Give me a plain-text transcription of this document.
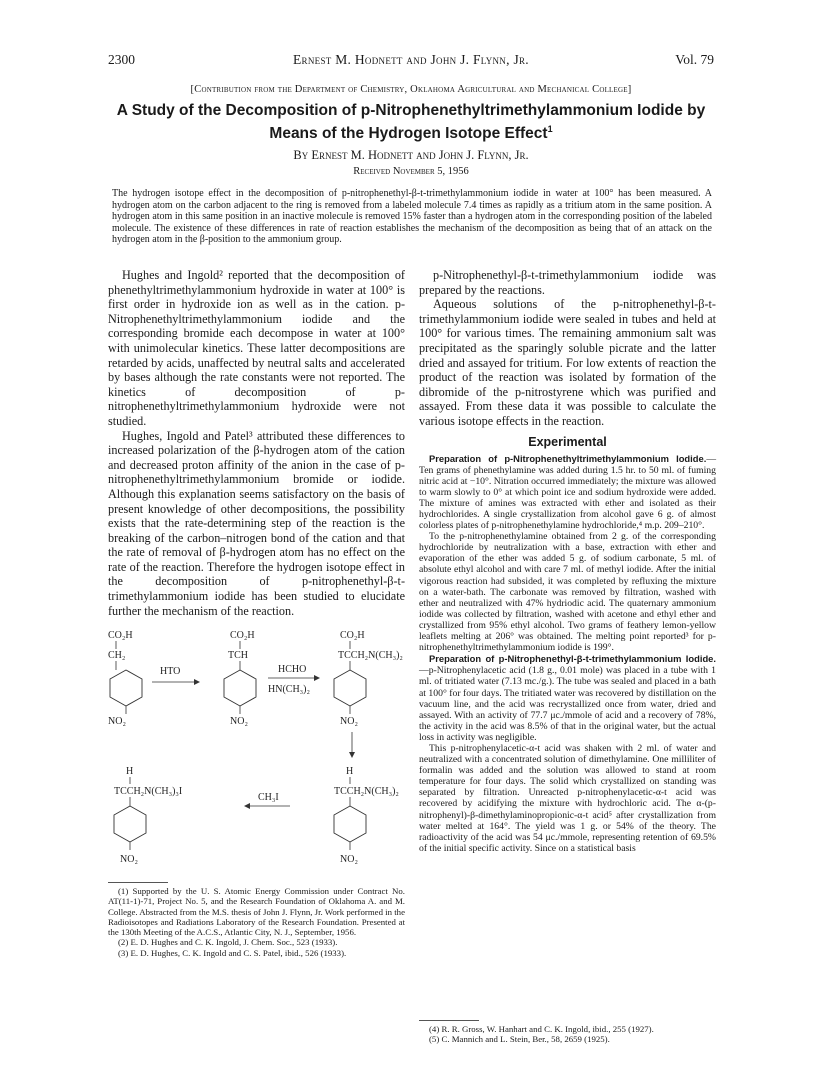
2300	Ernest M. Hodnett and John J. Flynn, Jr.	Vol. 79
[Contribution from the Department of Chemistry, Oklahoma Agricultural and Mechanical College]
A Study of the Decomposition of p-Nitrophenethyltrimethylammonium Iodide by
Means of the Hydrogen Isotope Effect$^1$
By Ernest M. Hodnett and John J. Flynn, Jr.
Received November 5, 1956
The hydrogen isotope effect in the decomposition of p-nitrophenethyl-β-t-trimethylammonium iodide in water at 100° has been measured. A hydrogen atom on the carbon adjacent to the ring is removed from a labeled molecule 7.4 times as rapidly as a tritium atom in the same position. A hydrogen atom in this same position in an inactive molecule is removed 15% faster than a hydrogen atom in the corresponding position of the labeled molecule. The existence of these differences in rate of reaction establishes the mechanism of the decomposition as being that of an attack on the hydrogen atom in the β-position to the ammonium group.

Hughes and Ingold² reported that the decomposition of phenethyltrimethylammonium hydroxide in water at 100° is first order in hydroxide ion as well as in the cation. p-Nitrophenethyltrimethylammonium iodide and the corresponding bromide each decompose in water at 100° with unimolecular kinetics. These latter decompositions are retarded by acids, unaffected by neutral salts and accelerated by bases although the rate constants were not reported. The kinetics of decomposition of p-nitrophenethyltrimethylammonium hydroxide were not studied.

Hughes, Ingold and Patel³ attributed these differences to increased polarization of the β-hydrogen atom of the cation and decreased proton affinity of the anion in the case of p-nitrophenethyltrimethylammonium bromide or iodide. Although this explanation seems satisfactory on the basis of present knowledge of other decompositions, the possibility exists that the rate-determining step of the reaction is the breaking of the carbon–nitrogen bond of the cation and that the rate of removal of β-hydrogen atom has no effect on the rate of the reaction. Therefore the hydrogen isotope effect in the decomposition of p-nitrophenethyl-β-t-trimethylammonium iodide has been studied to elucidate further the mechanism of the reaction.

CO₂H
CH₂
NO₂
HTO
CO₂H
TCH
NO₂
HCHO
HN(CH₃)₂
CO₂H
TCCH₂N(CH₃)₂
NO₂
H
TCCH₂N(CH₃)₃I
NO₂
CH₃I
H
TCCH₂N(CH₃)₂
NO₂

(1) Supported by the U. S. Atomic Energy Commission under Contract No. AT(11-1)-71, Project No. 5, and the Research Foundation of Oklahoma A. and M. College. Abstracted from the M.S. thesis of John J. Flynn, Jr. Work performed in the Radioisotopes and Radiations Laboratory of the Research Foundation. Presented at the 130th Meeting of the A.C.S., Atlantic City, N. J., September, 1956.

(2) E. D. Hughes and C. K. Ingold, J. Chem. Soc., 523 (1933).

(3) E. D. Hughes, C. K. Ingold and C. S. Patel, ibid., 526 (1933).

p-Nitrophenethyl-β-t-trimethylammonium iodide was prepared by the reactions.

Aqueous solutions of the p-nitrophenethyl-β-t-trimethylammonium iodide were sealed in tubes and held at 100° for various times. The remaining ammonium salt was precipitated as the sparingly soluble picrate and the latter dried and assayed for tritium. For low extents of reaction the product of the reaction was isolated by formation of the dibromide of the p-nitrostyrene which was purified and assayed. From these data it was possible to calculate the various isotope effects in the reaction.

Experimental

Preparation of p-Nitrophenethyltrimethylammonium Iodide.—Ten grams of phenethylamine was added during 1.5 hr. to 50 ml. of fuming nitric acid at −10°. Nitration occurred immediately; the mixture was allowed to warm slowly to 0° at which point ice and sodium hydroxide were added. The mixture of amines was extracted with ether and isolated as their hydrochlorides. A single crystallization from alcohol gave 6 g. of almost colorless plates of p-nitrophenethylamine hydrochloride,⁴ m.p. 209–210°.

To the p-nitrophenethylamine obtained from 2 g. of the corresponding hydrochloride by neutralization with a base, extraction with ether and evaporation of the ether was added 5 g. of sodium carbonate, 5 ml. of absolute ethyl alcohol and with care 7 ml. of methyl iodide. After the initial vigorous reaction had subsided, it was completed by refluxing the mixture on a water-bath. The carbonate was removed by filtration, washed with ether and neutralized with 47% hydriodic acid. The quaternary ammonium iodide was collected by filtration, washed with acetone and ethyl ether and crystallized from 95% ethyl alcohol. Two grams of feathery lemon-yellow leaflets melting at 206° was obtained. The melting point reported³ for p-nitrophenethyltrimethylammonium iodide is 199°.

Preparation of p-Nitrophenethyl-β-t-trimethylammonium Iodide.—p-Nitrophenylacetic acid (1.8 g., 0.01 mole) was placed in a tube with 1 ml. of tritiated water (7.13 mc./g.). The tube was sealed and placed in a bath at 100° for four days. The tritiated water was recovered by distillation on the vacuum line, and the acid was recrystallized once from water, dried and assayed. With an activity of 77.7 μc./mmole of acid and a recovery of 78%, the activity in the acid was 8.5% of that in the original water, but the actual loss in activity was negligible.

This p-nitrophenylacetic-α-t acid was shaken with 2 ml. of water and neutralized with a concentrated solution of dimethylamine. One milliliter of formalin was added and the solution was allowed to stand at room temperature for four days. The solid which crystallized on standing was separated by filtration. Unreacted p-nitrophenylacetic-α-t acid was recovered by acidifying the mixture with hydrochloric acid. The α-(p-nitrophenyl)-β-dimethylaminopropionic-α-t acid⁵ after crystallization from water melted at 164°. The yield was 1 g. or 54% of the theory. The radioactivity of the acid was 54 μc./mmole, representing retention of 69.5% of the initial specific activity. Since on a statistical basis

(4) R. R. Gross, W. Hanhart and C. K. Ingold, ibid., 255 (1927).

(5) C. Mannich and L. Stein, Ber., 58, 2659 (1925).
